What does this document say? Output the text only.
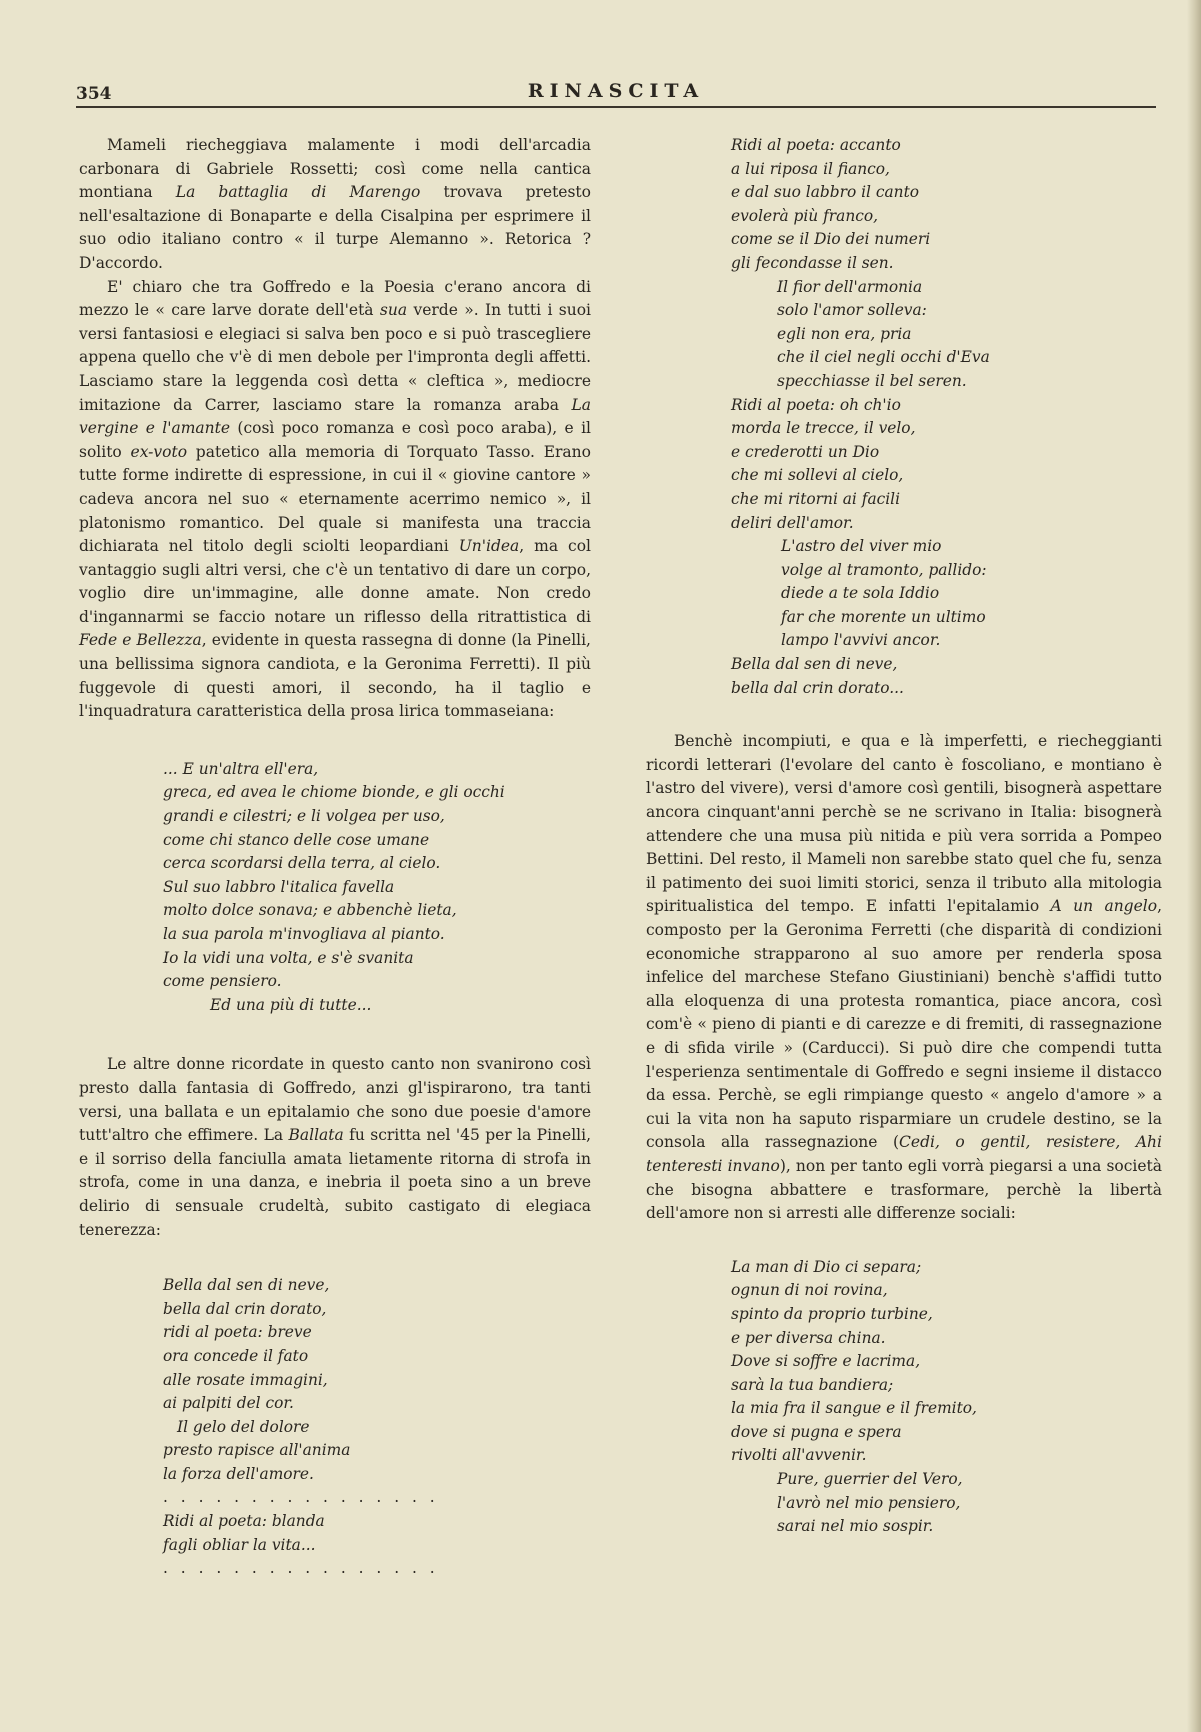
354	RINASCITA

Mameli riecheggiava malamente i modi dell'arcadia carbonara di Gabriele Rossetti; così come nella cantica montiana La battaglia di Marengo trovava pretesto nell'esaltazione di Bonaparte e della Cisalpina per esprimere il suo odio italiano contro « il turpe Alemanno ». Retorica ? D'accordo.

E' chiaro che tra Goffredo e la Poesia c'erano ancora di mezzo le « care larve dorate dell'età sua verde ». In tutti i suoi versi fantasiosi e elegiaci si salva ben poco e si può trascegliere appena quello che v'è di men debole per l'impronta degli affetti. Lasciamo stare la leggenda così detta « cleftica », mediocre imitazione da Carrer, lasciamo stare la romanza araba La vergine e l'amante (così poco romanza e così poco araba), e il solito ex-voto patetico alla memoria di Torquato Tasso. Erano tutte forme indirette di espressione, in cui il « giovine cantore » cadeva ancora nel suo « eternamente acerrimo nemico », il platonismo romantico. Del quale si manifesta una traccia dichiarata nel titolo degli sciolti leopardiani Un'idea, ma col vantaggio sugli altri versi, che c'è un tentativo di dare un corpo, voglio dire un'immagine, alle donne amate. Non credo d'ingannarmi se faccio notare un riflesso della ritrattistica di Fede e Bellezza, evidente in questa rassegna di donne (la Pinelli, una bellissima signora candiota, e la Geronima Ferretti). Il più fuggevole di questi amori, il secondo, ha il taglio e l'inquadratura caratteristica della prosa lirica tommaseiana:

... E un'altra ell'era,
greca, ed avea le chiome bionde, e gli occhi
grandi e cilestri; e li volgea per uso,
come chi stanco delle cose umane
cerca scordarsi della terra, al cielo.
Sul suo labbro l'italica favella
molto dolce sonava; e abbenchè lieta,
la sua parola m'invogliava al pianto.
Io la vidi una volta, e s'è svanita
come pensiero.
Ed una più di tutte...

Le altre donne ricordate in questo canto non svanirono così presto dalla fantasia di Goffredo, anzi gl'ispirarono, tra tanti versi, una ballata e un epitalamio che sono due poesie d'amore tutt'altro che effimere. La Ballata fu scritta nel '45 per la Pinelli, e il sorriso della fanciulla amata lietamente ritorna di strofa in strofa, come in una danza, e inebria il poeta sino a un breve delirio di sensuale crudeltà, subito castigato di elegiaca tenerezza:

Bella dal sen di neve,
bella dal crin dorato,
ridi al poeta: breve
ora concede il fato
alle rosate immagini,
ai palpiti del cor.
Il gelo del dolore
presto rapisce all'anima
la forza dell'amore.
. . . . . . . . . . . . . . . .
Ridi al poeta: blanda
fagli obliar la vita...
. . . . . . . . . . . . . . . .
Ridi al poeta: accanto
a lui riposa il fianco,
e dal suo labbro il canto
evolerà più franco,
come se il Dio dei numeri
gli fecondasse il sen.
Il fior dell'armonia
solo l'amor solleva:
egli non era, pria
che il ciel negli occhi d'Eva
specchiasse il bel seren.
Ridi al poeta: oh ch'io
morda le trecce, il velo,
e crederotti un Dio
che mi sollevi al cielo,
che mi ritorni ai facili
deliri dell'amor.
L'astro del viver mio
volge al tramonto, pallido:
diede a te sola Iddio
far che morente un ultimo
lampo l'avvivi ancor.
Bella dal sen di neve,
bella dal crin dorato...

Benchè incompiuti, e qua e là imperfetti, e riecheggianti ricordi letterari (l'evolare del canto è foscoliano, e montiano è l'astro del vivere), versi d'amore così gentili, bisognerà aspettare ancora cinquant'anni perchè se ne scrivano in Italia: bisognerà attendere che una musa più nitida e più vera sorrida a Pompeo Bettini. Del resto, il Mameli non sarebbe stato quel che fu, senza il patimento dei suoi limiti storici, senza il tributo alla mitologia spiritualistica del tempo. E infatti l'epitalamio A un angelo, composto per la Geronima Ferretti (che disparità di condizioni economiche strapparono al suo amore per renderla sposa infelice del marchese Stefano Giustiniani) benchè s'affidi tutto alla eloquenza di una protesta romantica, piace ancora, così com'è « pieno di pianti e di carezze e di fremiti, di rassegnazione e di sfida virile » (Carducci). Si può dire che compendi tutta l'esperienza sentimentale di Goffredo e segni insieme il distacco da essa. Perchè, se egli rimpiange questo « angelo d'amore » a cui la vita non ha saputo risparmiare un crudele destino, se la consola alla rassegnazione (Cedi, o gentil, resistere, Ahi tenteresti invano), non per tanto egli vorrà piegarsi a una società che bisogna abbattere e trasformare, perchè la libertà dell'amore non si arresti alle differenze sociali:

La man di Dio ci separa;
ognun di noi rovina,
spinto da proprio turbine,
e per diversa china.
Dove si soffre e lacrima,
sarà la tua bandiera;
la mia fra il sangue e il fremito,
dove si pugna e spera
rivolti all'avvenir.
Pure, guerrier del Vero,
l'avrò nel mio pensiero,
sarai nel mio sospir.
